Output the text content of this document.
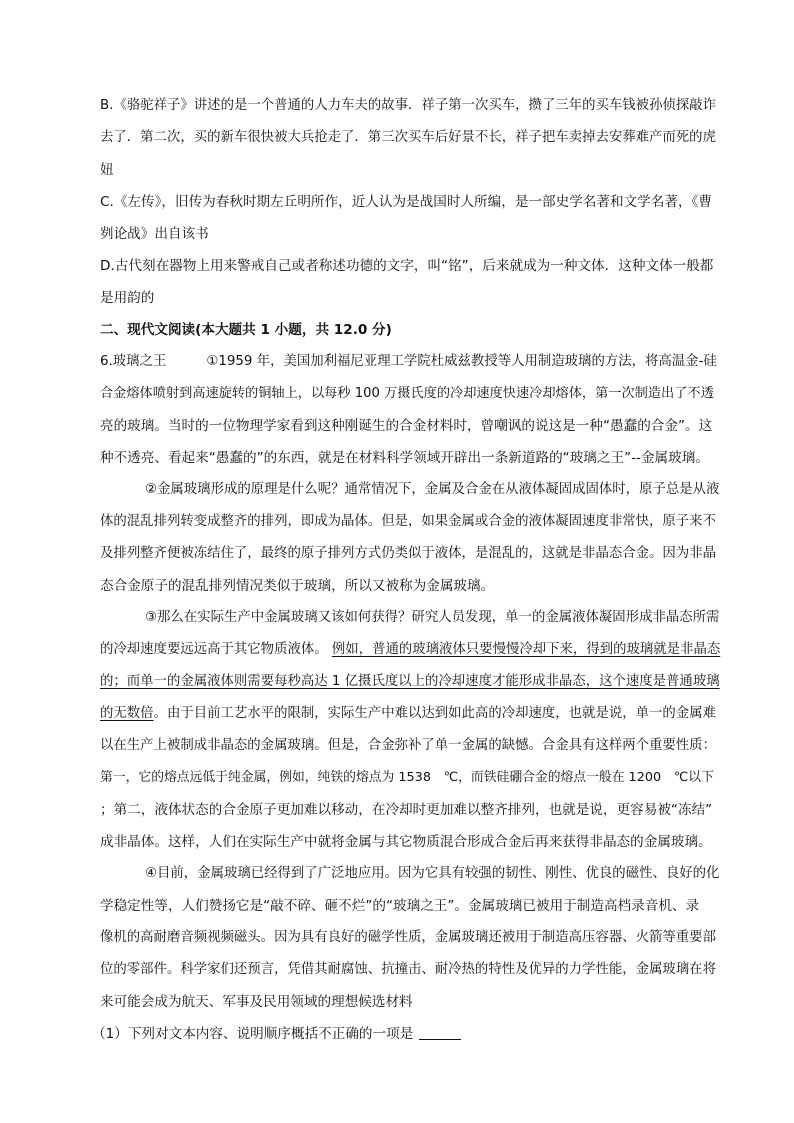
B.《骆驼祥子》讲述的是一个普通的人力车夫的故事．祥子第一次买车，攒了三年的买车钱被孙侦探敲诈
去了．第二次，买的新车很快被大兵抢走了．第三次买车后好景不长，祥子把车卖掉去安葬难产而死的虎
妞
C.《左传》，旧传为春秋时期左丘明所作，近人认为是战国时人所编，是一部史学名著和文学名著，《曹
刿论战》出自该书
D.古代刻在器物上用来警戒自己或者称述功德的文字，叫“铭”，后来就成为一种文体．这种文体一般都
是用韵的
二、现代文阅读(本大题共 1 小题，共 12.0 分)
6.玻璃之王	①1959 年，美国加利福尼亚理工学院杜威兹教授等人用制造玻璃的方法，将高温金-硅
合金熔体喷射到高速旋转的铜轴上，以每秒 100 万摄氏度的冷却速度快速冷却熔体，第一次制造出了不透
亮的玻璃。当时的一位物理学家看到这种刚诞生的合金材料时，曾嘲讽的说这是一种“愚蠢的合金”。这
种不透亮、看起来“愚蠢的”的东西，就是在材料科学领域开辟出一条新道路的“玻璃之王”--金属玻璃。
②金属玻璃形成的原理是什么呢？通常情况下，金属及合金在从液体凝固成固体时，原子总是从液
体的混乱排列转变成整齐的排列，即成为晶体。但是，如果金属或合金的液体凝固速度非常快，原子来不
及排列整齐便被冻结住了，最终的原子排列方式仍类似于液体，是混乱的，这就是非晶态合金。因为非晶
态合金原子的混乱排列情况类似于玻璃，所以又被称为金属玻璃。
③那么在实际生产中金属玻璃又该如何获得？研究人员发现，单一的金属液体凝固形成非晶态所需
的冷却速度要远远高于其它物质液体。 例如，普通的玻璃液体只要慢慢冷却下来，得到的玻璃就是非晶态
的；而单一的金属液体则需要每秒高达 1 亿摄氏度以上的冷却速度才能形成非晶态，这个速度是普通玻璃
的无数倍。由于目前工艺水平的限制，实际生产中难以达到如此高的冷却速度，也就是说，单一的金属难
以在生产上被制成非晶态的金属玻璃。但是，合金弥补了单一金属的缺憾。合金具有这样两个重要性质：
第一，它的熔点远低于纯金属，例如，纯铁的熔点为 1538　℃，而铁硅硼合金的熔点一般在 1200　℃以下
；第二，液体状态的合金原子更加难以移动，在冷却时更加难以整齐排列，也就是说，更容易被“冻结”
成非晶体。这样，人们在实际生产中就将金属与其它物质混合形成合金后再来获得非晶态的金属玻璃。
④目前，金属玻璃已经得到了广泛地应用。因为它具有较强的韧性、刚性、优良的磁性、良好的化
学稳定性等，人们赞扬它是“敲不碎、砸不烂”的“玻璃之王”。金属玻璃已被用于制造高档录音机、录
像机的高耐磨音频视频磁头。因为具有良好的磁学性质，金属玻璃还被用于制造高压容器、火箭等重要部
位的零部件。科学家们还预言，凭借其耐腐蚀、抗撞击、耐冷热的特性及优异的力学性能，金属玻璃在将
来可能会成为航天、军事及民用领域的理想候选材料
（1）下列对文本内容、说明顺序概括不正确的一项是
